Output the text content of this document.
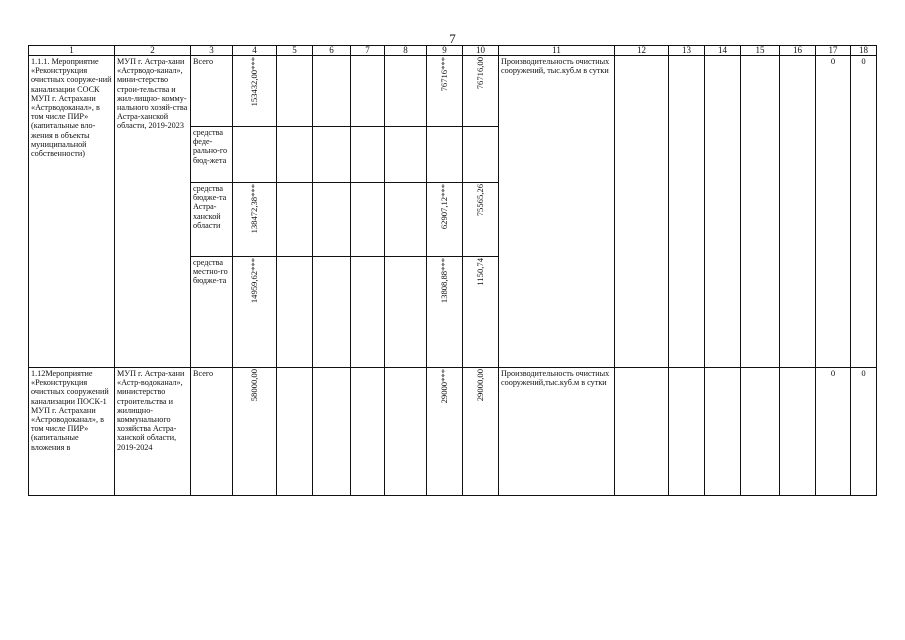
7
1	2	3	4	5	6	7	8	9	10	11	12	13	14	15	16	17	18
1.1.1. Мероприятие «Реконструкция очистных сооруже-ний канализации СОСК МУП г. Астрахани «Астрводоканал», в том числе ПИР» (капитальные вло-жения в объекты муниципальной собственности)	МУП г. Астра-хани «Астрводо-канал», мини-стерство строи-тельства и жил-лищно- комму-нального хозяй-ства Астра-ханской области, 2019-2023	Всего	153432,00***					76716***	76716,00	Производительность очистных сооружений, тыс.куб.м в сутки						0	0
		средства феде-рально-го бюд-жета															
		средства бюдже-та Астра-ханской области	138472,38***					62907,12***	75565,26								
		средства местно-го бюдже-та	14959,62***					13808,88***	1150,74								
1.12Мероприятие «Реконструкция очистных сооружений канализации ПОСК-1 МУП г. Астрахани «Астроводоканал», в том числе ПИР» (капитальные вложения в	МУП г. Астра-хани «Астр-водоканал», министерство строительства и жилищно-коммунального хозяйства Астра-ханской области, 2019-2024	Всего	58000,00					29000***	29000,00	Производительность очистных сооружений,тыс.куб.м в сутки						0	0
